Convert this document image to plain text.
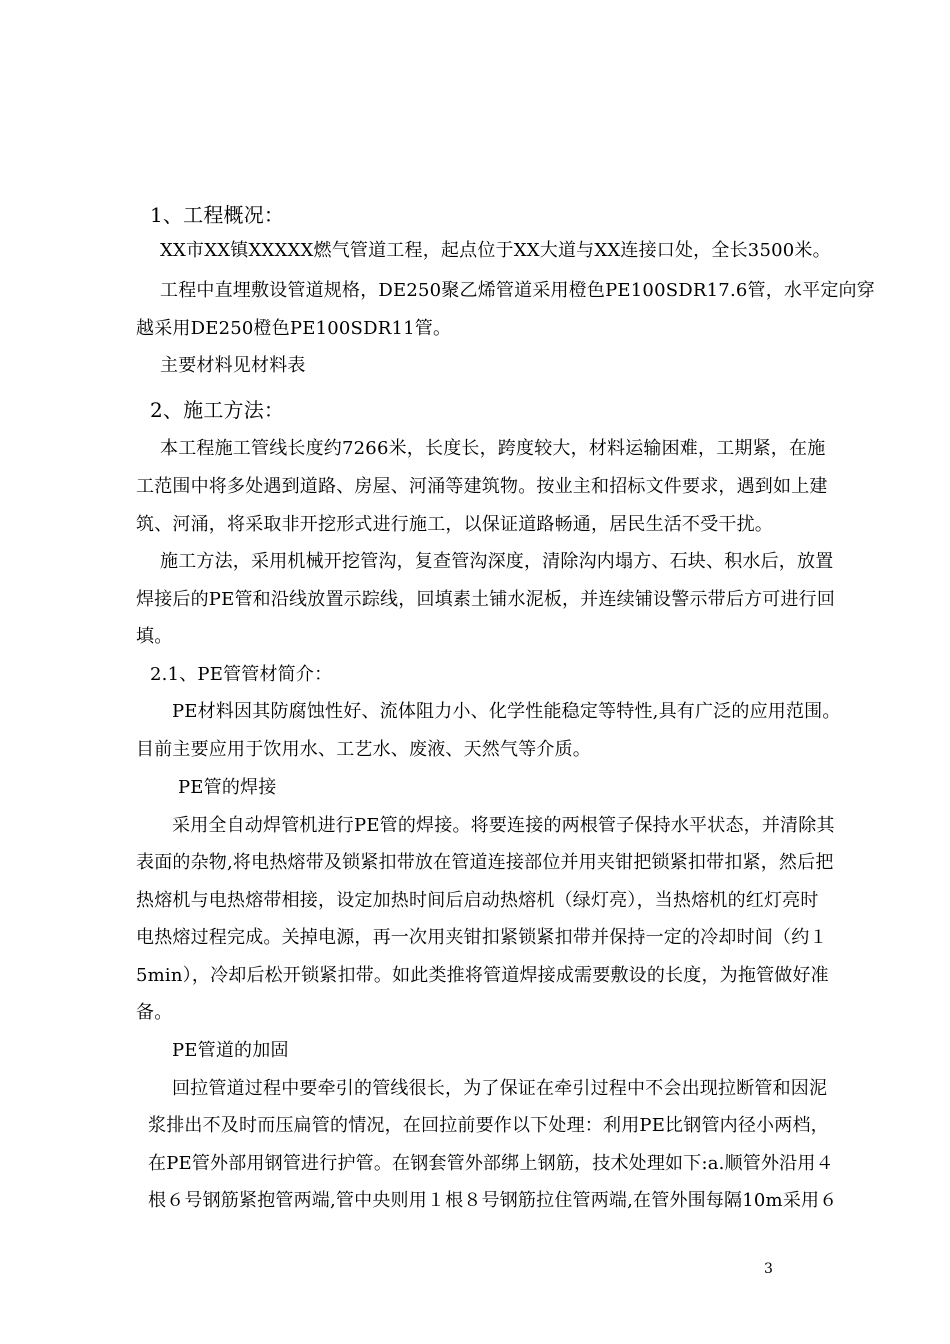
1、工程概况：

XX市XX镇XXXXX燃气管道工程，起点位于XX大道与XX连接口处，全长3500米。

工程中直埋敷设管道规格，DE250聚乙烯管道采用橙色PE100SDR17.6管，水平定向穿

越采用DE250橙色PE100SDR11管。

主要材料见材料表

2、施工方法：

本工程施工管线长度约7266米，长度长，跨度较大，材料运输困难，工期紧，在施

工范围中将多处遇到道路、房屋、河涌等建筑物。按业主和招标文件要求，遇到如上建

筑、河涌，将采取非开挖形式进行施工，以保证道路畅通，居民生活不受干扰。

施工方法，采用机械开挖管沟，复查管沟深度，清除沟内塌方、石块、积水后，放置

焊接后的PE管和沿线放置示踪线，回填素土铺水泥板，并连续铺设警示带后方可进行回

填。

2.1、PE管管材简介：

PE材料因其防腐蚀性好、流体阻力小、化学性能稳定等特性,具有广泛的应用范围。

目前主要应用于饮用水、工艺水、废液、天然气等介质。

PE管的焊接

采用全自动焊管机进行PE管的焊接。将要连接的两根管子保持水平状态，并清除其

表面的杂物,将电热熔带及锁紧扣带放在管道连接部位并用夹钳把锁紧扣带扣紧，然后把

热熔机与电热熔带相接，设定加热时间后启动热熔机（绿灯亮），当热熔机的红灯亮时

电热熔过程完成。关掉电源，再一次用夹钳扣紧锁紧扣带并保持一定的冷却时间（约１

5min），冷却后松开锁紧扣带。如此类推将管道焊接成需要敷设的长度，为拖管做好准

备。

PE管道的加固

回拉管道过程中要牵引的管线很长，为了保证在牵引过程中不会出现拉断管和因泥

浆排出不及时而压扁管的情况，在回拉前要作以下处理：利用PE比钢管内径小两档，

在PE管外部用钢管进行护管。在钢套管外部绑上钢筋，技术处理如下:a.顺管外沿用４

根６号钢筋紧抱管两端,管中央则用１根８号钢筋拉住管两端,在管外围每隔10m采用６

3
